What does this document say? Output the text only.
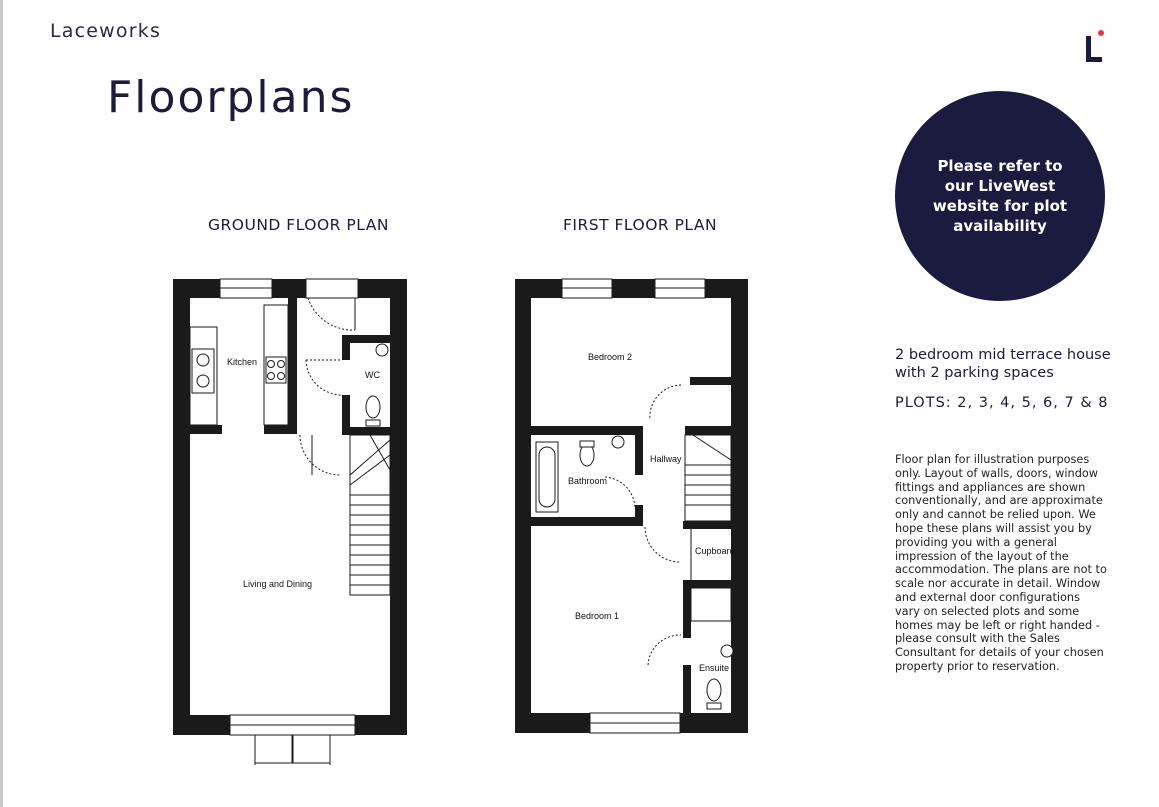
Laceworks
Floorplans
GROUND FLOOR PLAN	FIRST FLOOR PLAN
Kitchen
WC
Living and Dining
Bedroom 2
Hallway
Bathroom
Cupboard
Bedroom 1
Ensuite
Please refer to our LiveWest website for plot availability
2 bedroom mid terrace house
with 2 parking spaces
PLOTS: 2, 3, 4, 5, 6, 7 & 8
Floor plan for illustration purposes only. Layout of walls, doors, window fittings and appliances are shown conventionally, and are approximate only and cannot be relied upon. We hope these plans will assist you by providing you with a general impression of the layout of the accommodation. The plans are not to scale nor accurate in detail. Window and external door configurations vary on selected plots and some homes may be left or right handed - please consult with the Sales Consultant for details of your chosen property prior to reservation.
